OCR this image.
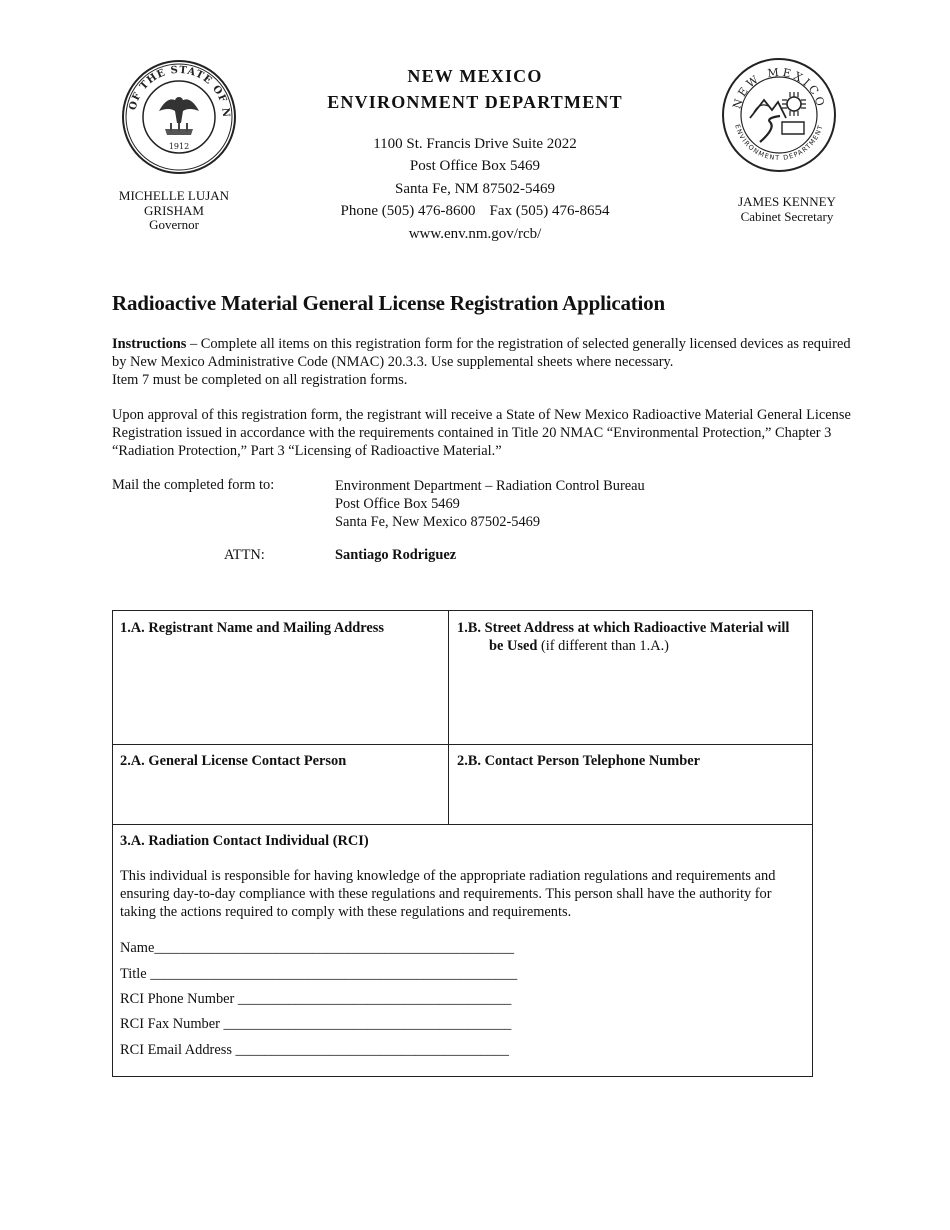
OF THE STATE OF N
1912
MICHELLE LUJAN
GRISHAM
Governor
NEW MEXICO
ENVIRONMENT DEPARTMENT
1100 St. Francis Drive Suite 2022
Post Office Box 5469
Santa Fe, NM 87502-5469
Phone (505) 476-8600 Fax (505) 476-8654
www.env.nm.gov/rcb/
NEW MEXICO
ENVIRONMENT DEPARTMENT
JAMES KENNEY
Cabinet Secretary
Radioactive Material General License Registration Application

Instructions – Complete all items on this registration form for the registration of selected generally licensed devices as required by New Mexico Administrative Code (NMAC) 20.3.3. Use supplemental sheets where necessary.

Item 7 must be completed on all registration forms.

Upon approval of this registration form, the registrant will receive a State of New Mexico Radioactive Material General License Registration issued in accordance with the requirements contained in Title 20 NMAC “Environmental Protection,” Chapter 3 “Radiation Protection,” Part 3 “Licensing of Radioactive Material.”
Mail the completed form to:	Environment Department – Radiation Control Bureau
Post Office Box 5469
Santa Fe, New Mexico 87502-5469
ATTN:	Santiago Rodriguez
1.A. Registrant Name and Mailing Address	1.B. Street Address at which Radioactive Material will
be Used (if different than 1.A.)
2.A. General License Contact Person	2.B. Contact Person Telephone Number
3.A. Radiation Contact Individual (RCI)
This individual is responsible for having knowledge of the appropriate radiation regulations and requirements and ensuring day-to-day compliance with these regulations and requirements. This person shall have the authority for taking the actions required to comply with these regulations and requirements.
Name__________________________________________________
Title ___________________________________________________
RCI Phone Number ______________________________________
RCI Fax Number ________________________________________
RCI Email Address ______________________________________
